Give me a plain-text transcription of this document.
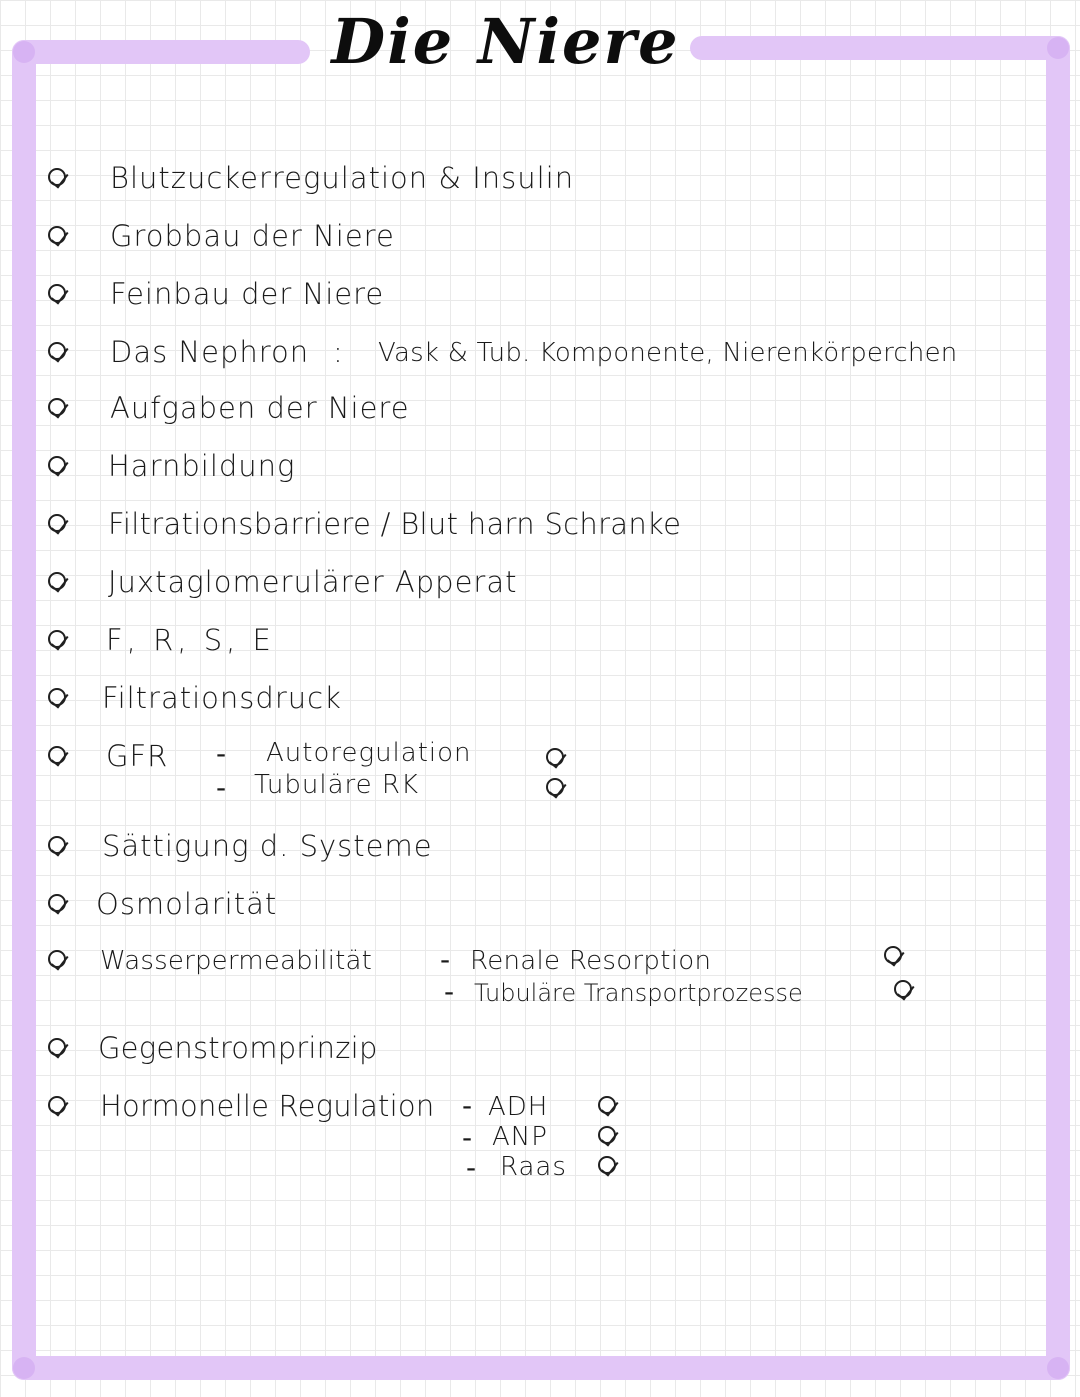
Die Niere
Blutzuckerregulation & Insulin
Grobbau der Niere
Feinbau der Niere
Das Nephron : Vask & Tub. Komponente, Nierenkörperchen
Aufgaben der Niere
Harnbildung
Filtrationsbarriere / Blut harn Schranke
Juxtaglomerulärer Apperat
F, R, S, E
Filtrationsdruck
GFR -
-
Autoregulation
Tubuläre RK
Sättigung d. Systeme
Osmolarität
Wasserpermeabilität -
-
Renale Resorption
Tubuläre Transportprozesse
Gegenstromprinzip
Hormonelle Regulation -
-
-
ADH
ANP
Raas
